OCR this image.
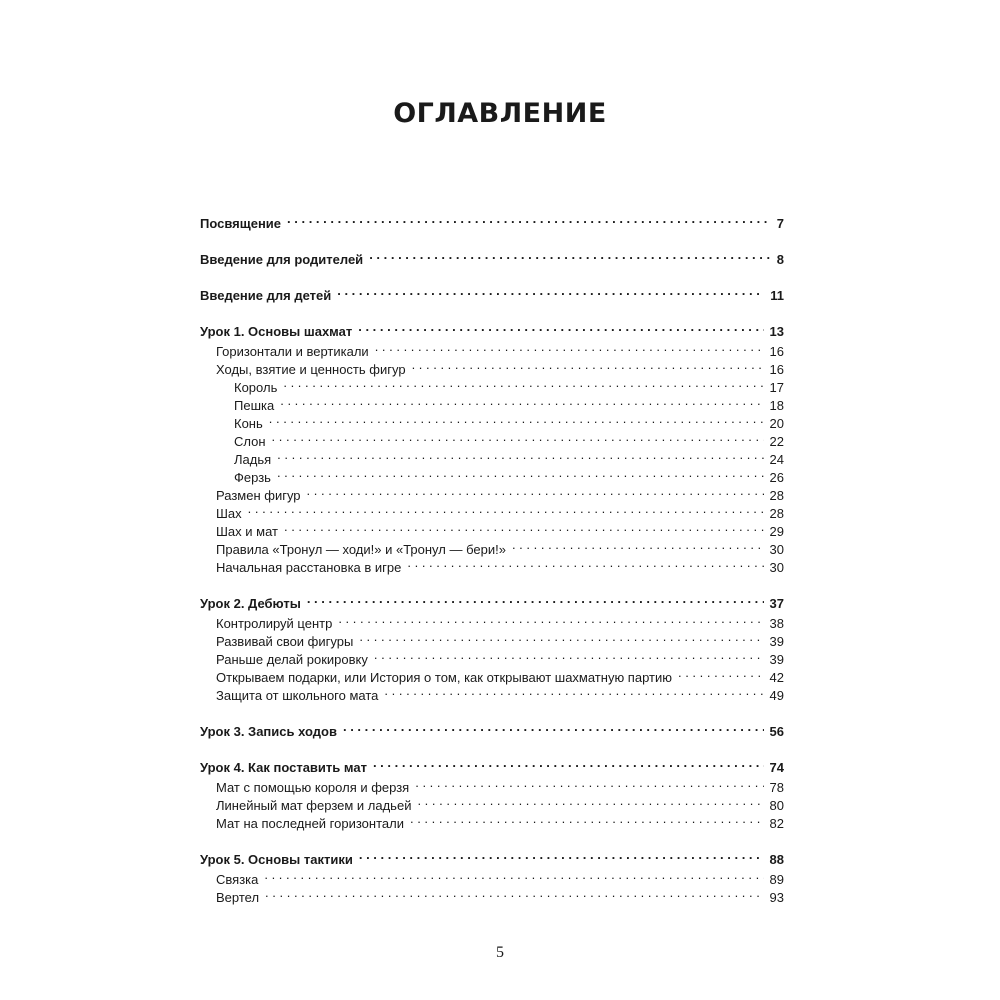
ОГЛАВЛЕНИЕ
Посвящение . . .	7
Введение для родителей . . .	8
Введение для детей . . .	11
Урок 1. Основы шахмат . . .	13
Горизонтали и вертикали . . .	16
Ходы, взятие и ценность фигур . . .	16
Король . . .	17
Пешка . . .	18
Конь . . .	20
Слон . . .	22
Ладья . . .	24
Ферзь . . .	26
Размен фигур . . .	28
Шах . . .	28
Шах и мат . . .	29
Правила «Тронул — ходи!» и «Тронул — бери!» . . .	30
Начальная расстановка в игре . . .	30
Урок 2. Дебюты . . .	37
Контролируй центр . . .	38
Развивай свои фигуры . . .	39
Раньше делай рокировку . . .	39
Открываем подарки, или История о том, как открывают шахматную партию . . .	42
Защита от школьного мата . . .	49
Урок 3. Запись ходов . . .	56
Урок 4. Как поставить мат . . .	74
Мат с помощью короля и ферзя . . .	78
Линейный мат ферзем и ладьей . . .	80
Мат на последней горизонтали . . .	82
Урок 5. Основы тактики . . .	88
Связка . . .	89
Вертел . . .	93
5
